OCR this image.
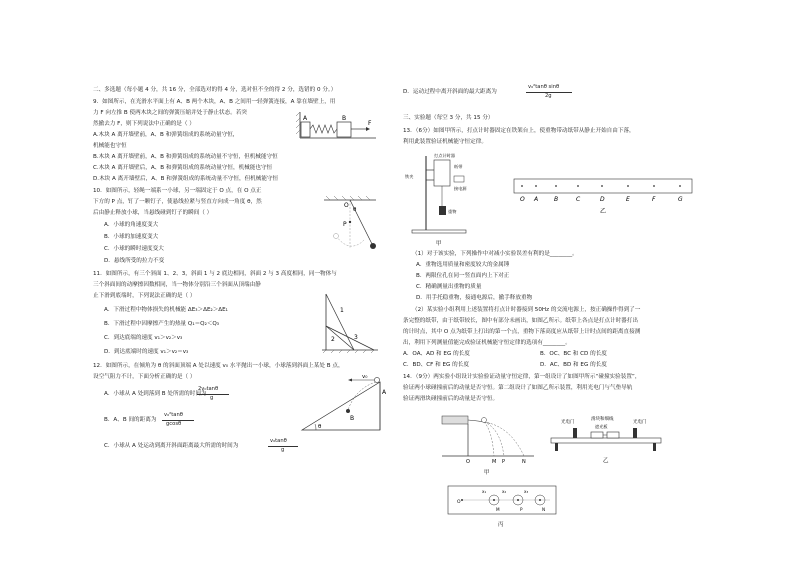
二、多选题（每小题 4 分，共 16 分，全部选对的得 4 分，选对但不全的得 2 分，选错的 0 分。）
9．如图所示，在光滑水平面上有 A、B 两个木块，A、B 之间用一轻弹簧连接，A 靠在墙壁上，用
力 F 向左推 B 使两木块之间的弹簧压缩并处于静止状态。若突
然撤去力 F，则下列说法中正确的是（ ）
A.木块 A 离开墙壁前，A、B 和弹簧组成的系统动量守恒，
机械能也守恒
B.木块 A 离开墙壁前，A、B 和弹簧组成的系统动量不守恒，但机械能守恒
C.木块 A 离开墙壁后，A、B 和弹簧组成的系统动量守恒，机械能也守恒
D.木块 A 离开墙壁后，A、B 和弹簧组成的系统动量不守恒，但机械能守恒
A	B
F
10．如图所示，轻绳一端系一小球，另一端固定于 O 点，在 O 点正
下方的 P 点，钉了一颗钉子，使悬线拉紧与竖直方向成一角度 θ，然
后由静止释放小球，当悬线碰到钉子的瞬间（ ）
A．小球的角速度变大
B．小球的加速度变大
C．小球的瞬时速度变大
D．悬线所受的拉力不变
O
P
θ
11．如图所示，有三个斜面 1、2、3，斜面 1 与 2 底边相同，斜面 2 与 3 高度相同，同一物体与
三个斜面间的动摩擦因数相同，当一物体分别沿三个斜面从顶端由静
止下滑到底端时，下列说法正确的是（ ）
A．下滑过程中物体损失的机械能 ΔE₃＞ΔE₂＞ΔE₁
B．下滑过程中因摩擦产生的热量 Q₁＝Q₂＜Q₃
C．到达底端的速度 v₁＞v₂＞v₃
D．到达底端时的速度 v₁＞v₂＝v₃
1
2	3
12．如图所示，在倾角为 θ 的斜面顶端 A 处以速度 v₀ 水平抛出一小球，小球落到斜面上某处 B 点，
设空气阻力不计，下面分析正确的是（ ）
A．小球从 A 处到落到 B 处所需的时间为
2v₀tanθ
g
B．A、B 间的距离为
v₀²tanθ
gcosθ
C．小球从 A 处运动到离开斜面距离最大所需的时间为
v₀tanθ
g
v₀
A
B
θ
D．运动过程中离开斜面的最大距离为
v₀²tanθ sinθ
2g
三、实验题（每空 3 分，共 15 分）
13．（6分）如图甲所示，打点计时器固定在铁架台上，使重物带动纸带从静止开始自由下落，
利用此装置验证机械能守恒定律。
打点计时器
纸带
铁夹
接电源
重物
甲
O A	B	C	D	E	F	G
乙
（1）对于该实验，下列操作中对减小实验误差有利的是________。
A．重物选用质量和密度较大的金属锤
B．两限位孔在同一竖直面内上下对正
C．精确测量出重物的质量
D．用手托稳重物，接通电源后，撤手释放重物
（2）某实验小组利用上述装置将打点计时器接到 50Hz 的交流电源上，按正确操作得到了一
条完整的纸带，由于纸带较长，图中有部分未画出，如图乙所示。纸带上各点是打点计时器打出
的计时点，其中 O 点为纸带上打出的第一个点，重物下落高度应从纸带上计时点间的距离直接测
出，利用下列测量值能完成验证机械能守恒定律的选项有________。
A．OA、AD 和 EG 的长度	B．OC、BC 和 CD 的长度
C．BD、CF 和 EG 的长度	D．AC、BD 和 EG 的长度
14．（9分）两实验小组设计实验验证动量守恒定律，第一组设计了如图甲所示“碰撞实验装置”，
验证两小球碰撞前后的动量是否守恒。第二组设计了如图乙所示装置，利用光电门与气垫导轨
验证两滑块碰撞前后的动量是否守恒。
O	M P	N
甲
光电门	光电门
滑块和细线
遮光板
乙
O
x₁	x₂	x₃
M	P	N
丙
